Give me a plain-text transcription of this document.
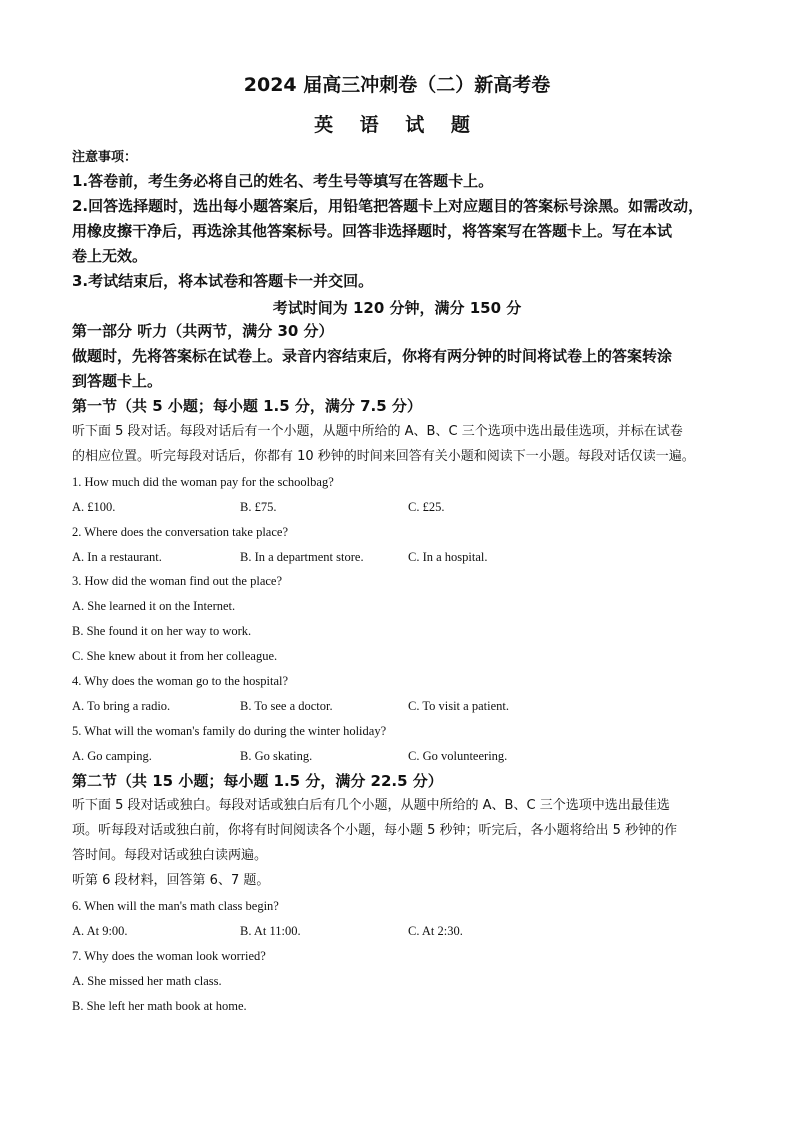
2024 届高三冲刺卷（二）新高考卷
英 语 试 题
注意事项：
1.答卷前，考生务必将自己的姓名、考生号等填写在答题卡上。
2.回答选择题时，选出每小题答案后，用铅笔把答题卡上对应题目的答案标号涂黑。如需改动，
用橡皮擦干净后，再选涂其他答案标号。回答非选择题时，将答案写在答题卡上。写在本试
卷上无效。
3.考试结束后，将本试卷和答题卡一并交回。
考试时间为 120 分钟，满分 150 分
第一部分 听力（共两节，满分 30 分）
做题时，先将答案标在试卷上。录音内容结束后，你将有两分钟的时间将试卷上的答案转涂
到答题卡上。
第一节（共 5 小题；每小题 1.5 分，满分 7.5 分）
听下面 5 段对话。每段对话后有一个小题，从题中所给的 A、B、C 三个选项中选出最佳选项，并标在试卷
的相应位置。听完每段对话后，你都有 10 秒钟的时间来回答有关小题和阅读下一小题。每段对话仅读一遍。
1. How much did the woman pay for the schoolbag?
A. £100.	B. £75.	C. £25.
2. Where does the conversation take place?
A. In a restaurant.	B. In a department store.	C. In a hospital.
3. How did the woman find out the place?
A. She learned it on the Internet.
B. She found it on her way to work.
C. She knew about it from her colleague.
4. Why does the woman go to the hospital?
A. To bring a radio.	B. To see a doctor.	C. To visit a patient.
5. What will the woman's family do during the winter holiday?
A. Go camping.	B. Go skating.	C. Go volunteering.
第二节（共 15 小题；每小题 1.5 分，满分 22.5 分）
听下面 5 段对话或独白。每段对话或独白后有几个小题，从题中所给的 A、B、C 三个选项中选出最佳选
项。听每段对话或独白前，你将有时间阅读各个小题，每小题 5 秒钟；听完后，各小题将给出 5 秒钟的作
答时间。每段对话或独白读两遍。
听第 6 段材料，回答第 6、7 题。
6. When will the man's math class begin?
A. At 9:00.	B. At 11:00.	C. At 2:30.
7. Why does the woman look worried?
A. She missed her math class.
B. She left her math book at home.
